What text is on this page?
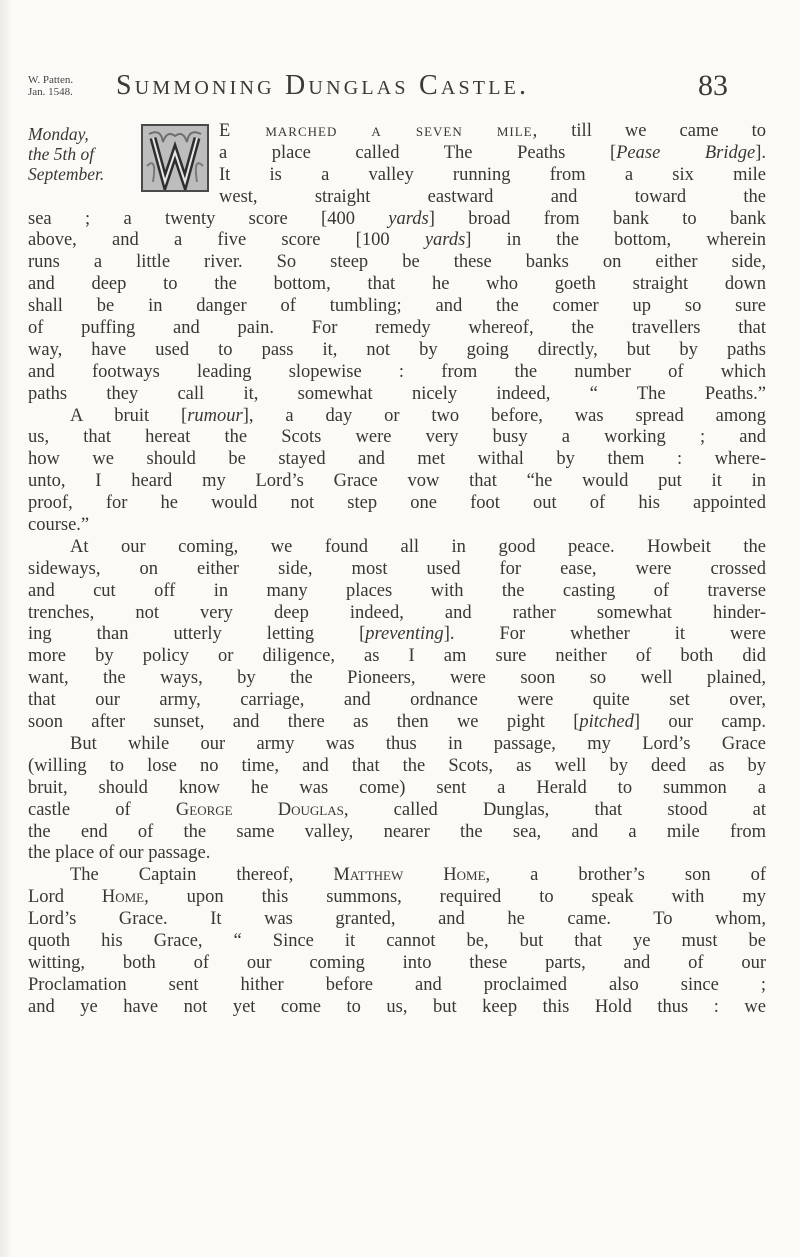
W. Patten.
Jan. 1548. Summoning Dunglas Castle.	83
Monday,
the 5th of
September.
E marched a seven mile, till we came to
a place called The Peaths [Pease Bridge].
It is a valley running from a six mile
west, straight eastward and toward the
sea ; a twenty score [400 yards] broad from bank to bank
above, and a five score [100 yards] in the bottom, wherein
runs a little river. So steep be these banks on either side,
and deep to the bottom, that he who goeth straight down
shall be in danger of tumbling; and the comer up so sure
of puffing and pain. For remedy whereof, the travellers that
way, have used to pass it, not by going directly, but by paths
and footways leading slopewise : from the number of which
paths they call it, somewhat nicely indeed, “ The Peaths.”
A bruit [rumour], a day or two before, was spread among
us, that hereat the Scots were very busy a working ; and
how we should be stayed and met withal by them : where-
unto, I heard my Lord’s Grace vow that “he would put it in
proof, for he would not step one foot out of his appointed
course.”
At our coming, we found all in good peace. Howbeit the
sideways, on either side, most used for ease, were crossed
and cut off in many places with the casting of traverse
trenches, not very deep indeed, and rather somewhat hinder-
ing than utterly letting [preventing]. For whether it were
more by policy or diligence, as I am sure neither of both did
want, the ways, by the Pioneers, were soon so well plained,
that our army, carriage, and ordnance were quite set over,
soon after sunset, and there as then we pight [pitched] our camp.
But while our army was thus in passage, my Lord’s Grace
(willing to lose no time, and that the Scots, as well by deed as by
bruit, should know he was come) sent a Herald to summon a
castle of George Douglas, called Dunglas, that stood at
the end of the same valley, nearer the sea, and a mile from
the place of our passage.
The Captain thereof, Matthew Home, a brother’s son of
Lord Home, upon this summons, required to speak with my
Lord’s Grace. It was granted, and he came. To whom,
quoth his Grace, “ Since it cannot be, but that ye must be
witting, both of our coming into these parts, and of our
Proclamation sent hither before and proclaimed also since ;
and ye have not yet come to us, but keep this Hold thus : we
